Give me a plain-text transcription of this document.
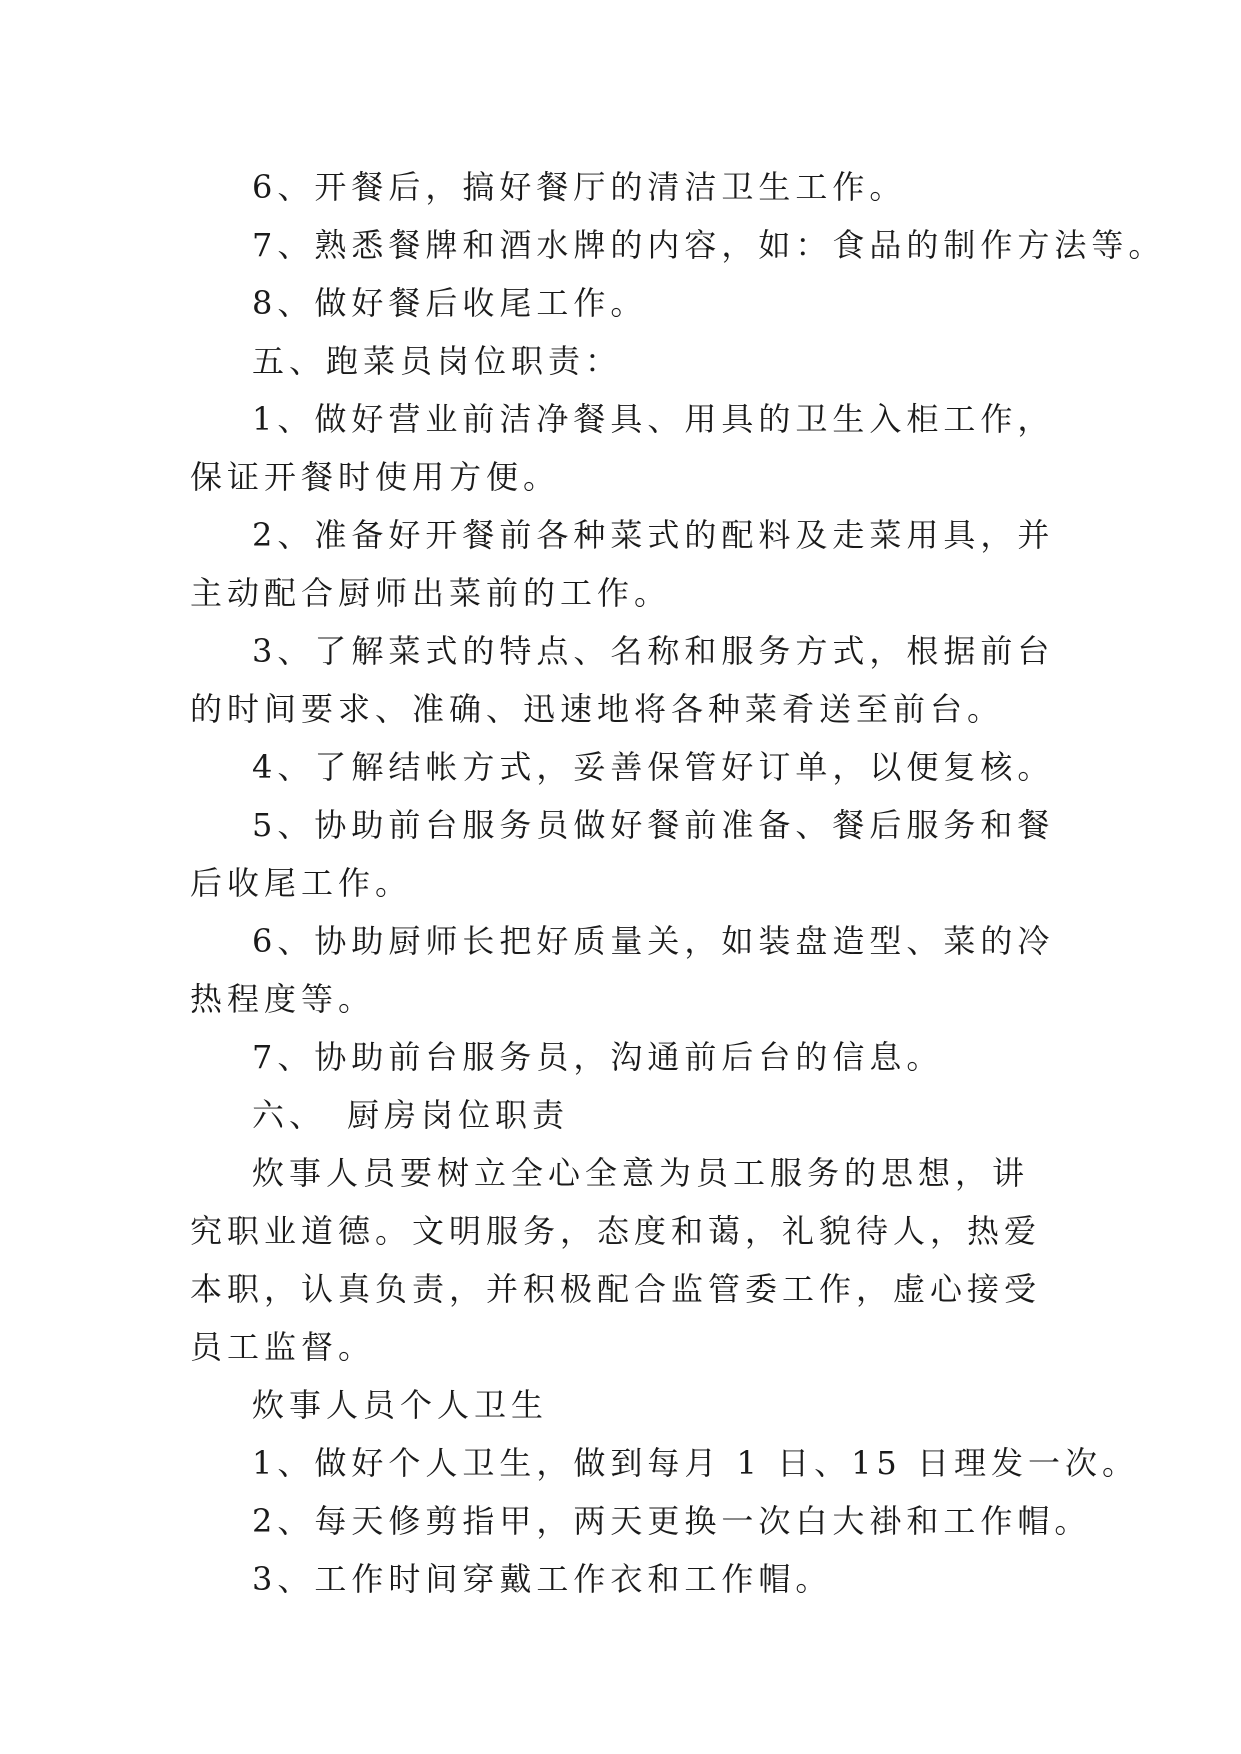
6、开餐后，搞好餐厅的清洁卫生工作。

7、熟悉餐牌和酒水牌的内容，如：食品的制作方法等。

8、做好餐后收尾工作。

五、跑菜员岗位职责：

1、做好营业前洁净餐具、用具的卫生入柜工作，保证开餐时使用方便。

2、准备好开餐前各种菜式的配料及走菜用具，并主动配合厨师出菜前的工作。

3、了解菜式的特点、名称和服务方式，根据前台的时间要求、准确、迅速地将各种菜肴送至前台。

4、了解结帐方式，妥善保管好订单，以便复核。

5、协助前台服务员做好餐前准备、餐后服务和餐后收尾工作。

6、协助厨师长把好质量关，如装盘造型、菜的冷热程度等。

7、协助前台服务员，沟通前后台的信息。

六、　厨房岗位职责

炊事人员要树立全心全意为员工服务的思想，讲究职业道德。文明服务，态度和蔼，礼貌待人，热爱本职，认真负责，并积极配合监管委工作，虚心接受员工监督。

炊事人员个人卫生

1、做好个人卫生，做到每月 1 日、15 日理发一次。

2、每天修剪指甲，两天更换一次白大褂和工作帽。

3、工作时间穿戴工作衣和工作帽。
